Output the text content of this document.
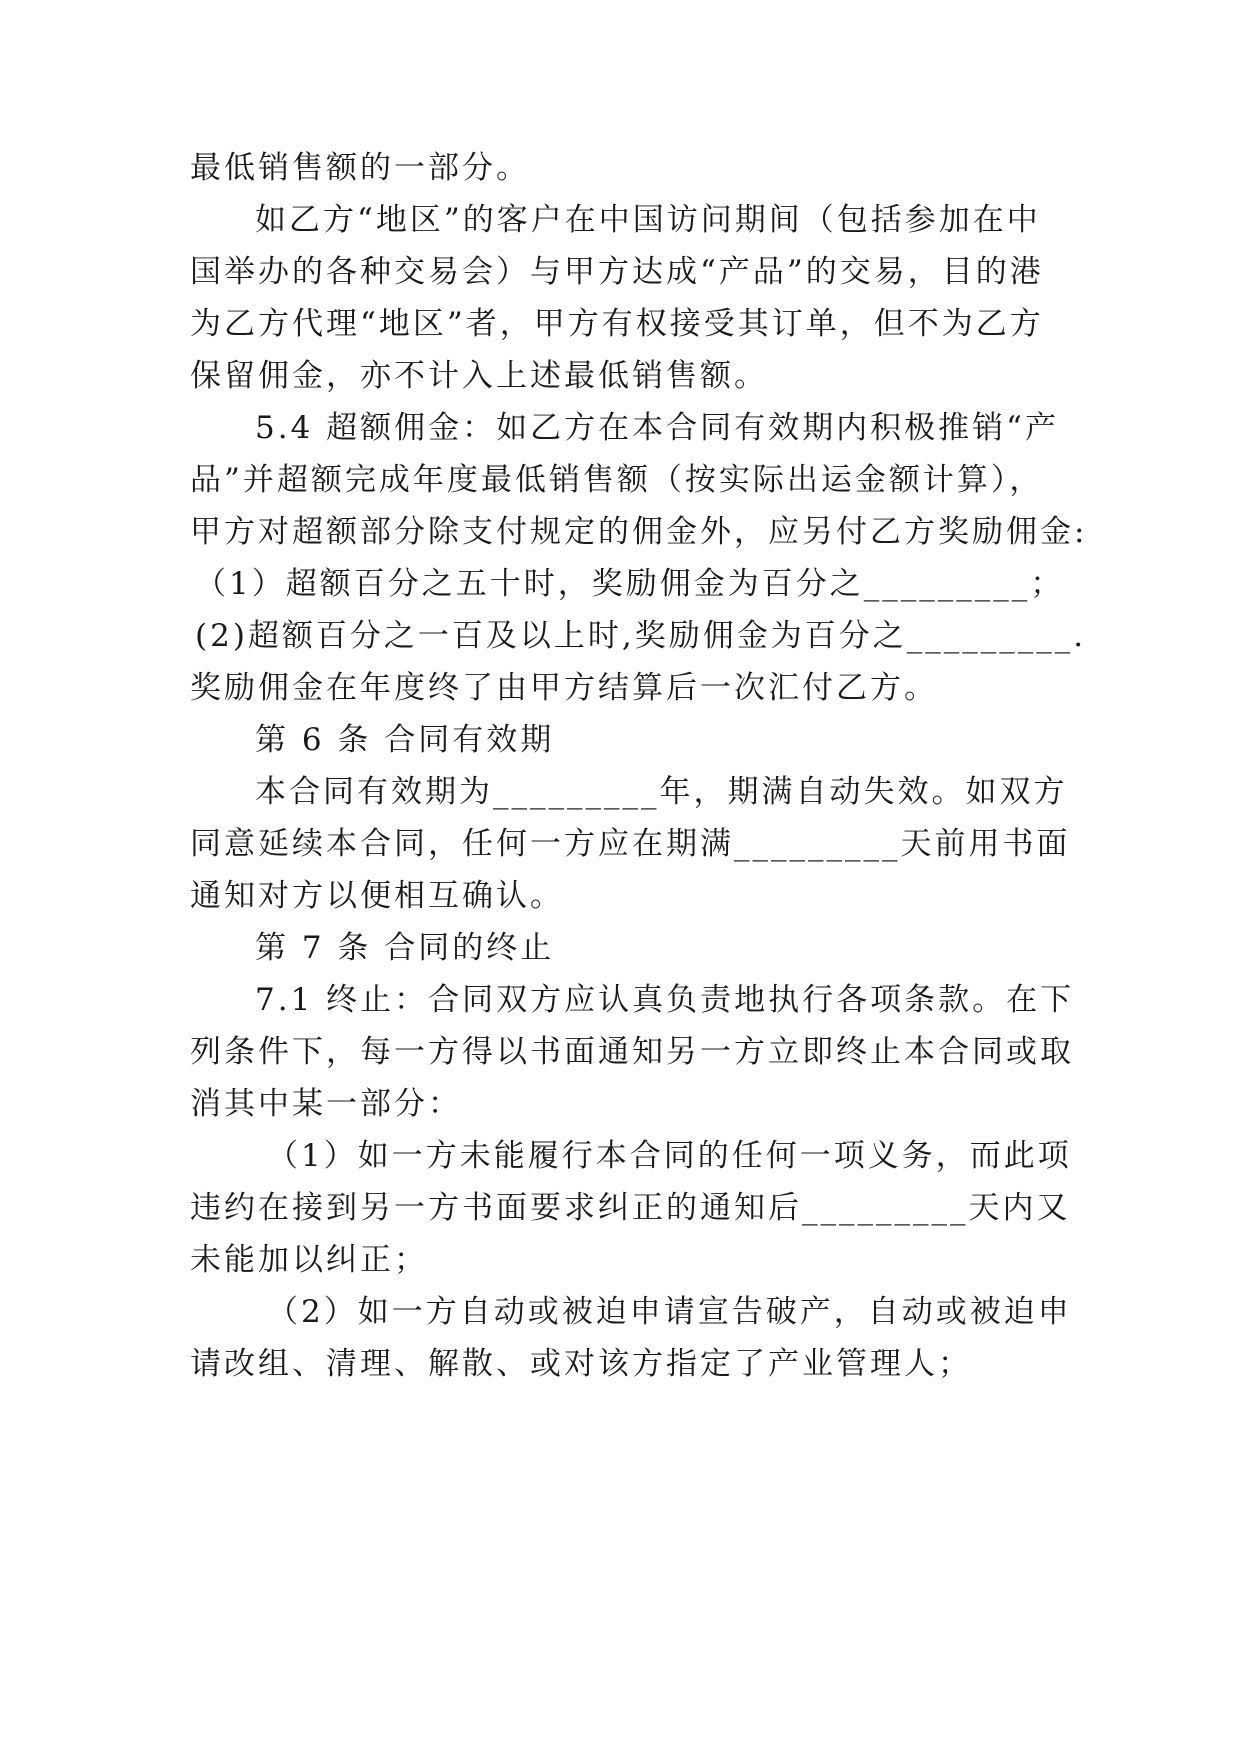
最低销售额的一部分。
如乙方“地区”的客户在中国访问期间（包括参加在中
国举办的各种交易会）与甲方达成“产品”的交易，目的港
为乙方代理“地区”者，甲方有权接受其订单，但不为乙方
保留佣金，亦不计入上述最低销售额。
5.4 超额佣金：如乙方在本合同有效期内积极推销“产
品”并超额完成年度最低销售额（按实际出运金额计算），
甲方对超额部分除支付规定的佣金外，应另付乙方奖励佣金:
（1）超额百分之五十时，奖励佣金为百分之_________；
(2)超额百分之一百及以上时,奖励佣金为百分之_________.
奖励佣金在年度终了由甲方结算后一次汇付乙方。
第 6 条 合同有效期
本合同有效期为_________年，期满自动失效。如双方
同意延续本合同，任何一方应在期满_________天前用书面
通知对方以便相互确认。
第 7 条 合同的终止
7.1 终止：合同双方应认真负责地执行各项条款。在下
列条件下，每一方得以书面通知另一方立即终止本合同或取
消其中某一部分：
（1）如一方未能履行本合同的任何一项义务，而此项
违约在接到另一方书面要求纠正的通知后_________天内又
未能加以纠正；
（2）如一方自动或被迫申请宣告破产，自动或被迫申
请改组、清理、解散、或对该方指定了产业管理人；
